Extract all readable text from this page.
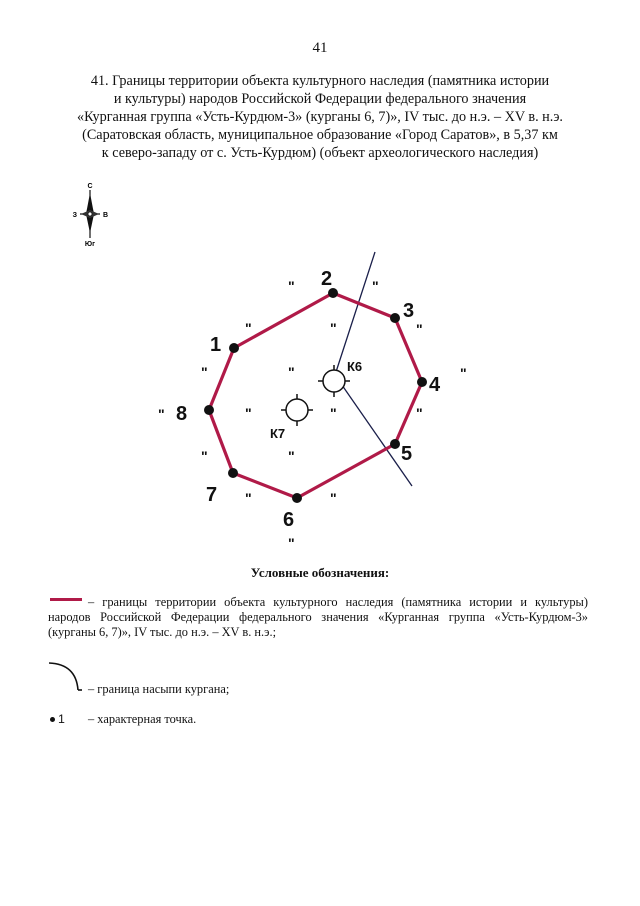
41
41. Границы территории объекта культурного наследия (памятника истории
и культуры) народов Российской Федерации федерального значения
«Курганная группа «Усть-Курдюм-3» (курганы 6, 7)», IV тыс. до н.э. – XV в. н.э.
(Саратовская область, муниципальное образование «Город Саратов», в 5,37 км
к северо-западу от с. Усть-Курдюм) (объект археологического наследия)
С
Юг
З	В
1
2
3
4
5
6
7
8
К6
К7
"	"
"	"	"
"	"	"
"	"	"
"
"	"
"	"
"
Условные обозначения:
– границы территории объекта культурного наследия (памятника истории и культуры) народов Российской Федерации федерального значения «Курганная группа «Усть-Курдюм-3» (курганы 6, 7)», IV тыс. до н.э. – XV в. н.э.;
– граница насыпи кургана;
1 – характерная точка.
